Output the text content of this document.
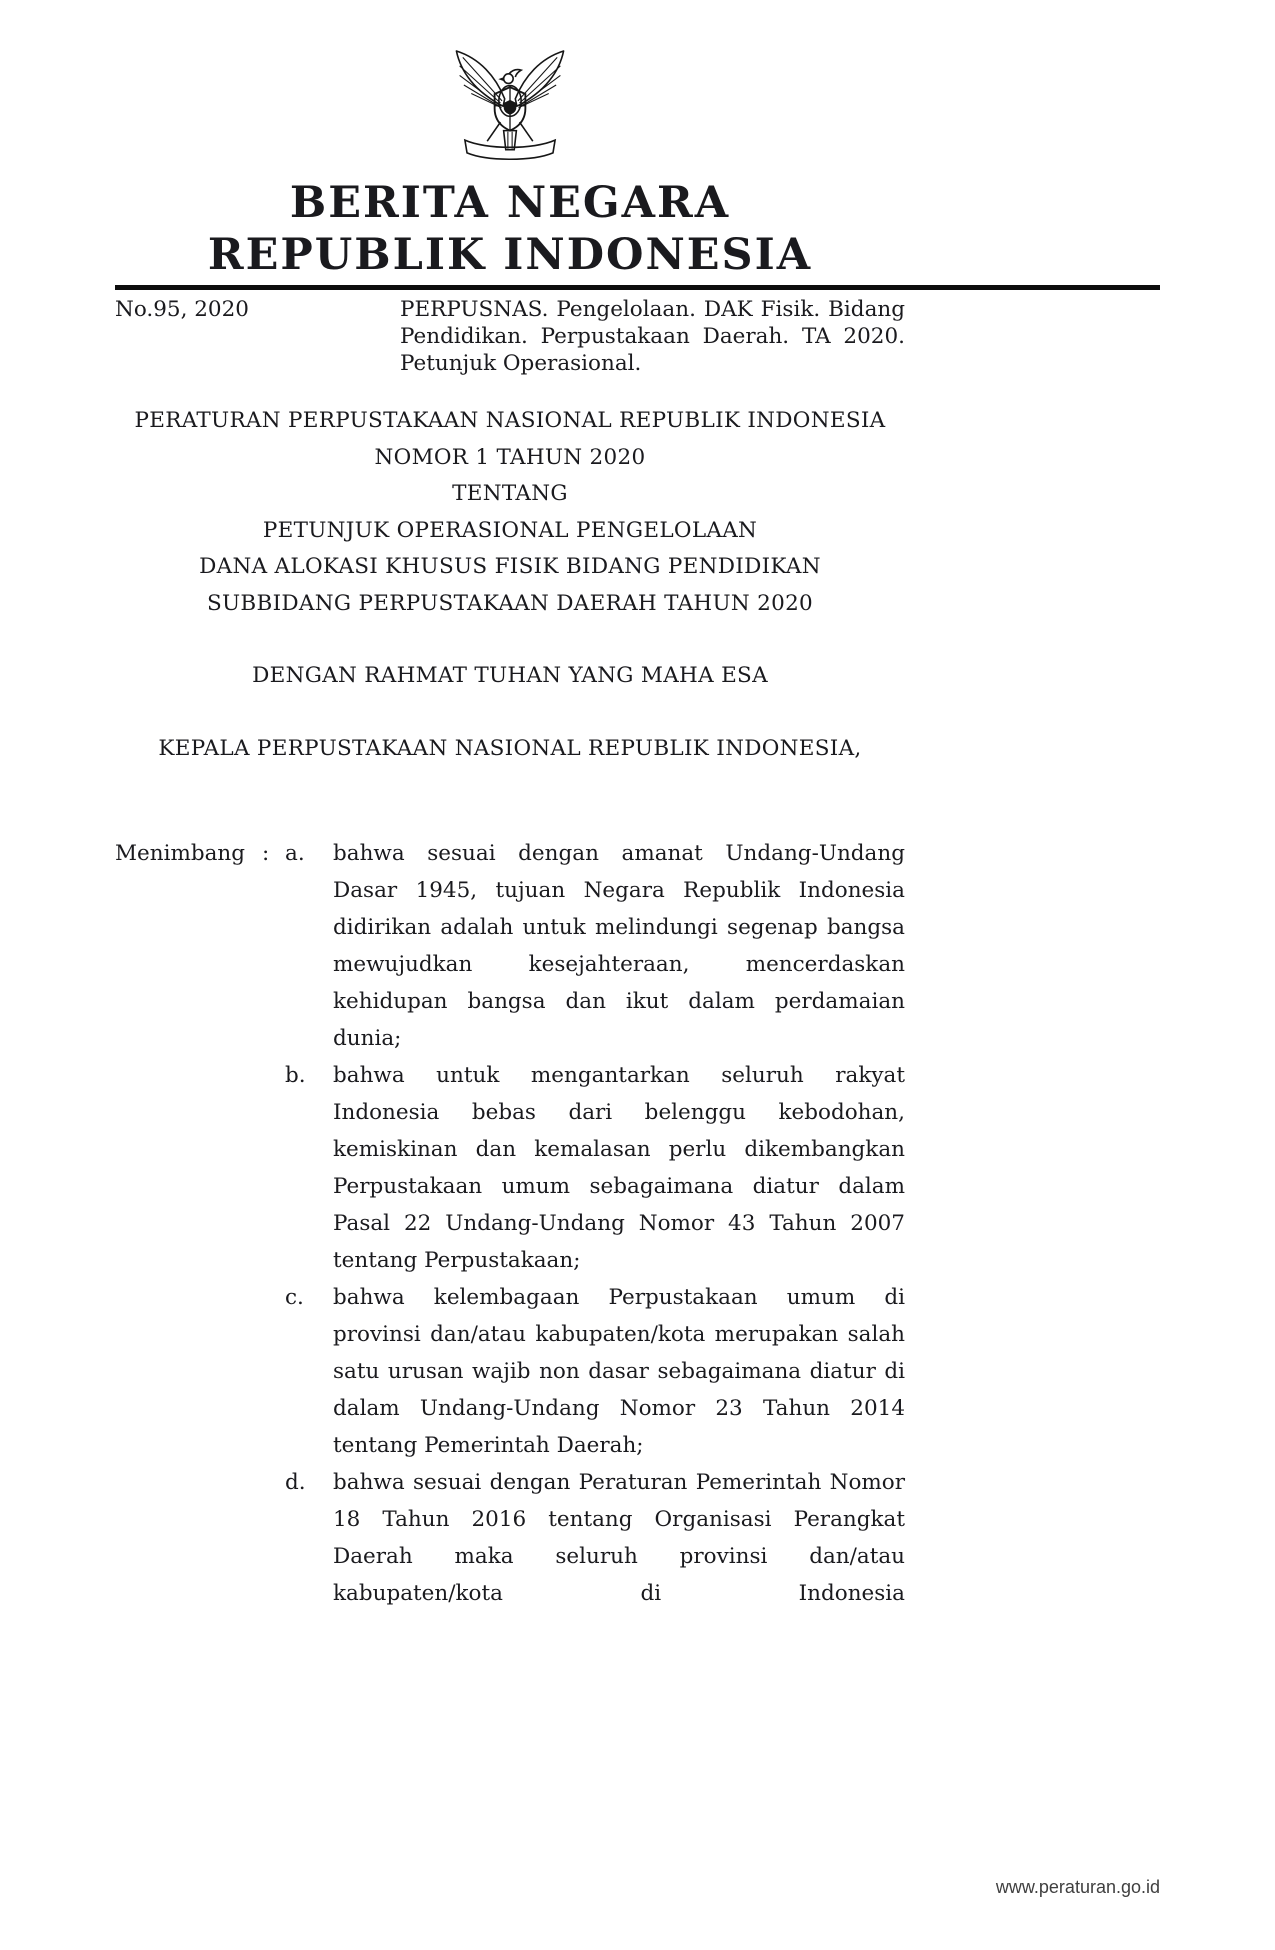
BERITA NEGARA
REPUBLIK INDONESIA
No.95, 2020	PERPUSNAS. Pengelolaan. DAK Fisik. Bidang Pendidikan. Perpustakaan Daerah. TA 2020. Petunjuk Operasional.
PERATURAN PERPUSTAKAAN NASIONAL REPUBLIK INDONESIA
NOMOR 1 TAHUN 2020
TENTANG
PETUNJUK OPERASIONAL PENGELOLAAN
DANA ALOKASI KHUSUS FISIK BIDANG PENDIDIKAN
SUBBIDANG PERPUSTAKAAN DAERAH TAHUN 2020
DENGAN RAHMAT TUHAN YANG MAHA ESA
KEPALA PERPUSTAKAAN NASIONAL REPUBLIK INDONESIA,
Menimbang : a.	bahwa sesuai dengan amanat Undang-Undang Dasar 1945, tujuan Negara Republik Indonesia didirikan adalah untuk melindungi segenap bangsa mewujudkan kesejahteraan, mencerdaskan kehidupan bangsa dan ikut dalam perdamaian dunia;
b.	bahwa untuk mengantarkan seluruh rakyat Indonesia bebas dari belenggu kebodohan, kemiskinan dan kemalasan perlu dikembangkan Perpustakaan umum sebagaimana diatur dalam Pasal 22 Undang-Undang Nomor 43 Tahun 2007 tentang Perpustakaan;
c.	bahwa kelembagaan Perpustakaan umum di provinsi dan/atau kabupaten/kota merupakan salah satu urusan wajib non dasar sebagaimana diatur di dalam Undang-Undang Nomor 23 Tahun 2014 tentang Pemerintah Daerah;
d.	bahwa sesuai dengan Peraturan Pemerintah Nomor 18 Tahun 2016 tentang Organisasi Perangkat Daerah maka seluruh provinsi dan/atau kabupaten/kota di Indonesia
www.peraturan.go.id
